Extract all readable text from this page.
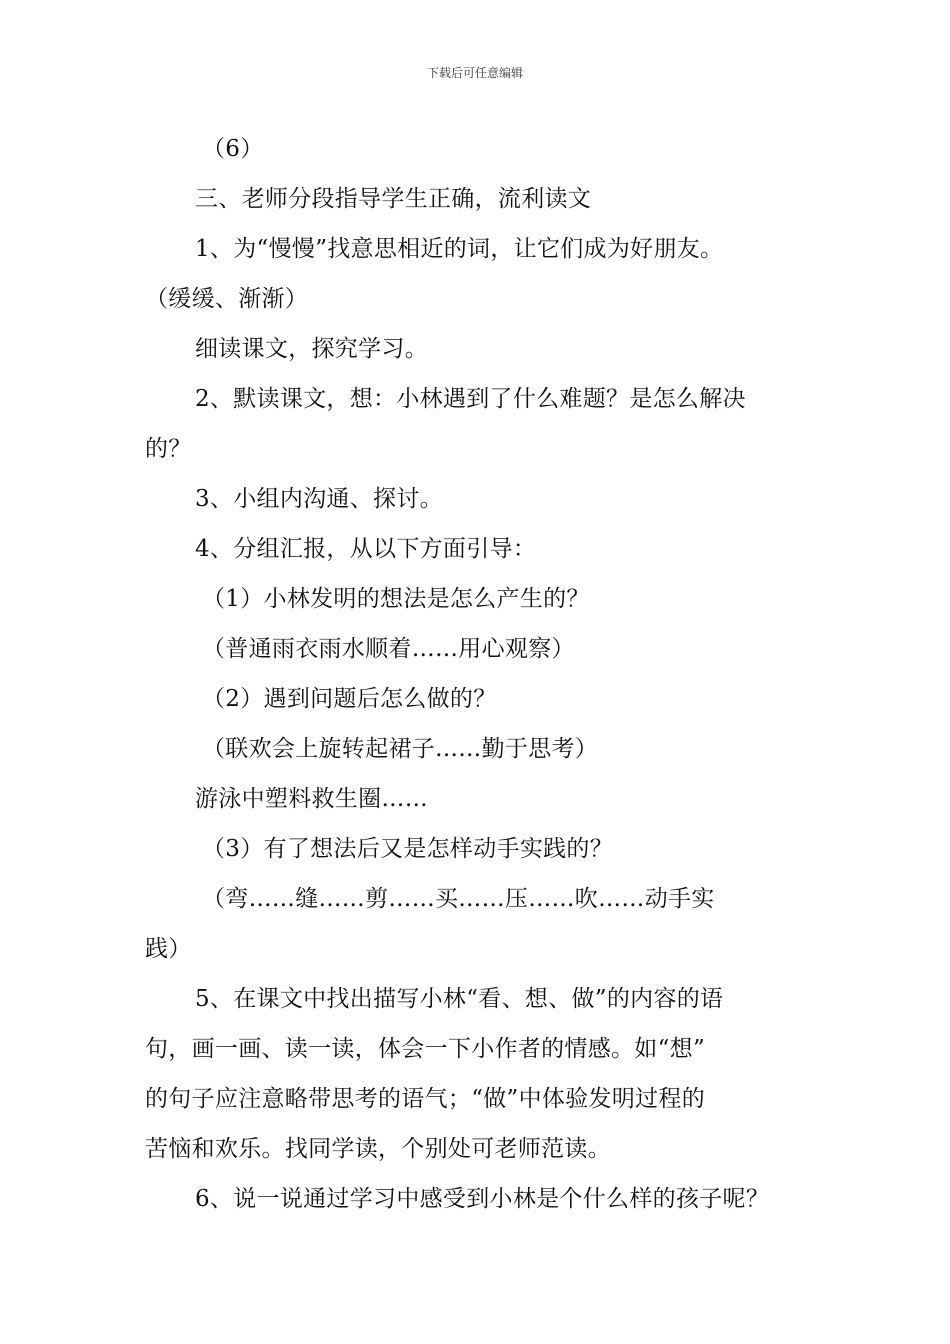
下载后可任意编辑
（6）
三、老师分段指导学生正确，流利读文
1、为“慢慢”找意思相近的词，让它们成为好朋友。
（缓缓、渐渐）
细读课文，探究学习。
2、默读课文，想：小林遇到了什么难题？是怎么解决
的？
3、小组内沟通、探讨。
4、分组汇报，从以下方面引导：
（1）小林发明的想法是怎么产生的？
（普通雨衣雨水顺着……用心观察）
（2）遇到问题后怎么做的？
（联欢会上旋转起裙子……勤于思考）
游泳中塑料救生圈……
（3）有了想法后又是怎样动手实践的？
（弯……缝……剪……买……压……吹……动手实
践）
5、在课文中找出描写小林“看、想、做”的内容的语
句，画一画、读一读，体会一下小作者的情感。如“想”
的句子应注意略带思考的语气；“做”中体验发明过程的
苦恼和欢乐。找同学读，个别处可老师范读。
6、说一说通过学习中感受到小林是个什么样的孩子呢？
